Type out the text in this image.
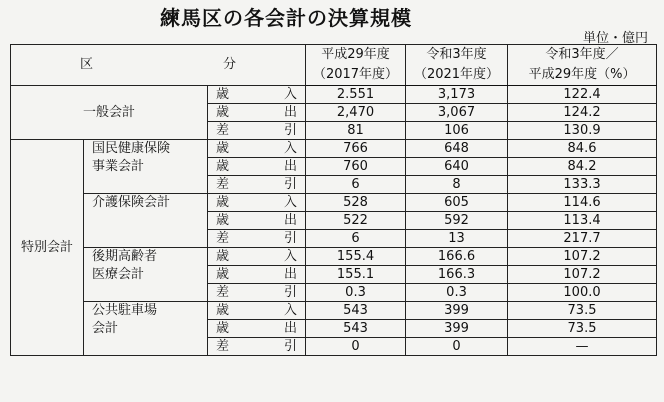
練馬区の各会計の決算規模
単位・億円
区 分			平成29年度	令和3年度	令和3年度／
			（2017年度）	（2021年度）	平成29年度（%）
一般会計		歳 入	2.551	3,173	122.4

		歳 出	2,470	3,067	124.2

		差 引	81	106	130.9
特別会計	国民健康保険	歳 入	766	648	84.6
	事業会計	歳 出	760	640	84.2

		差 引	6	8	133.3
	介護保険会計	歳 入	528	605	114.6

		歳 出	522	592	113.4

		差 引	6	13	217.7
	後期高齢者	歳 入	155.4	166.6	107.2
	医療会計	歳 出	155.1	166.3	107.2

		差 引	0.3	0.3	100.0
	公共駐車場	歳 入	543	399	73.5
	会計	歳 出	543	399	73.5

		差 引	0	0	—
